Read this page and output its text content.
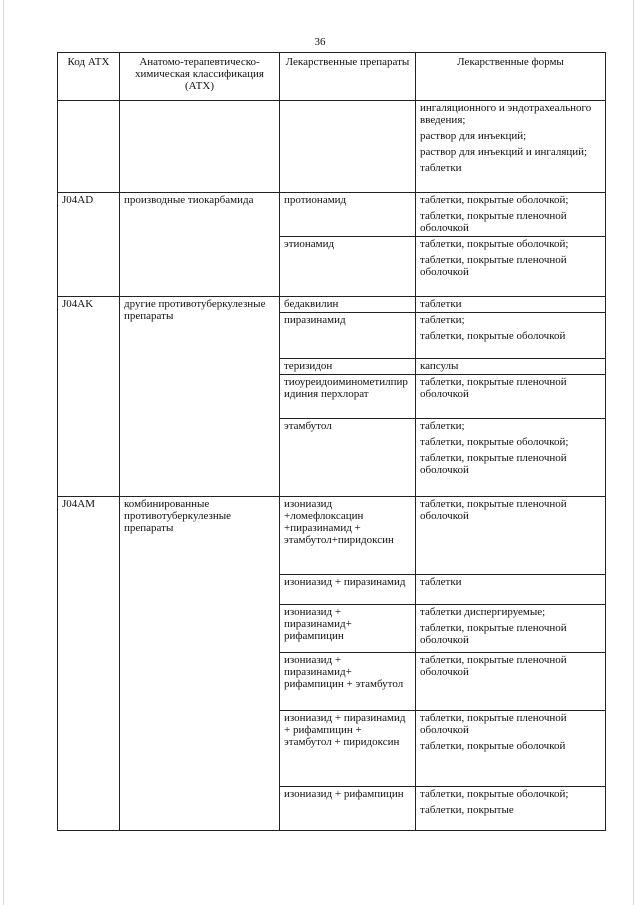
36
Код АТХ	Анатомо-терапевтическо-химическая классификация (АТХ)	Лекарственные препараты	Лекарственные формы

			ингаляционного и эндотрахеального введения;
раствор для инъекций;
раствор для инъекций и ингаляций;
таблетки

J04AD	производные тиокарбамида	протионамид	таблетки, покрытые оболочкой;
таблетки, покрытые пленочной оболочкой

		этионамид	таблетки, покрытые оболочкой;
таблетки, покрытые пленочной оболочкой

J04AK	другие противотуберкулезные препараты	бедаквилин	таблетки

		пиразинамид	таблетки;
таблетки, покрытые оболочкой

		теризидон	капсулы

		тиоуреидоиминометилпиридиния перхлорат	таблетки, покрытые пленочной оболочкой

		этамбутол	таблетки;
таблетки, покрытые оболочкой;
таблетки, покрытые пленочной оболочкой

J04AM	комбинированные противотуберкулезные препараты	изониазид +ломефлоксацин +пиразинамид + этамбутол+пиридоксин	таблетки, покрытые пленочной оболочкой

		изониазид + пиразинамид	таблетки

		изониазид + пиразинамид+ рифампицин	таблетки диспергируемые;
таблетки, покрытые пленочной оболочкой

		изониазид + пиразинамид+ рифампицин + этамбутол	таблетки, покрытые пленочной оболочкой

		изониазид + пиразинамид + рифампицин + этамбутол + пиридоксин	таблетки, покрытые пленочной оболочкой
таблетки, покрытые оболочкой

		изониазид + рифампицин	таблетки, покрытые оболочкой;
таблетки, покрытые
